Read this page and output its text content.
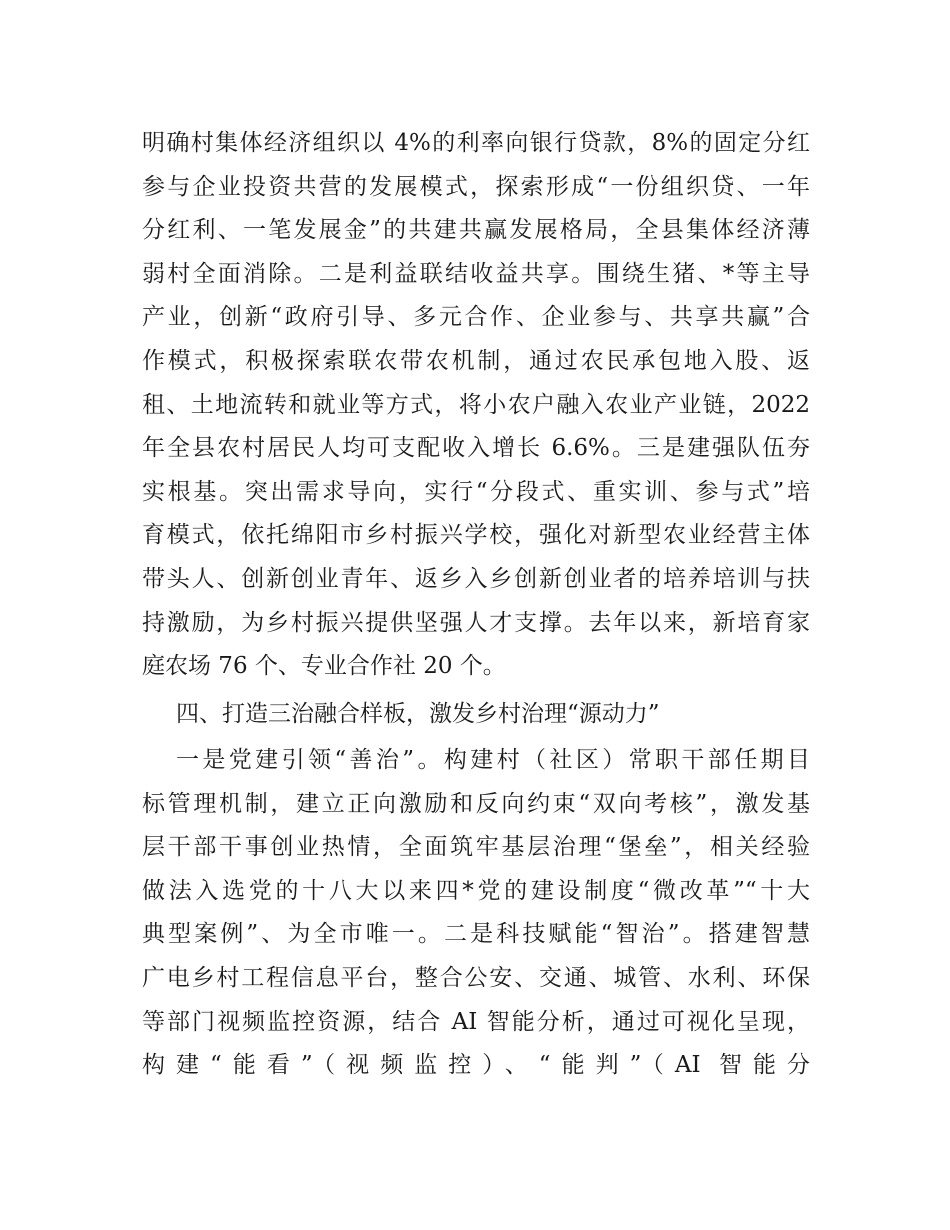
明确村集体经济组织以 4%的利率向银行贷款，8%的固定分红
参与企业投资共营的发展模式，探索形成“一份组织贷、一年
分红利、一笔发展金”的共建共赢发展格局，全县集体经济薄
弱村全面消除。二是利益联结收益共享。围绕生猪、*等主导
产业，创新“政府引导、多元合作、企业参与、共享共赢”合
作模式，积极探索联农带农机制，通过农民承包地入股、返
租、土地流转和就业等方式，将小农户融入农业产业链，2022
年全县农村居民人均可支配收入增长 6.6%。三是建强队伍夯
实根基。突出需求导向，实行“分段式、重实训、参与式”培
育模式，依托绵阳市乡村振兴学校，强化对新型农业经营主体
带头人、创新创业青年、返乡入乡创新创业者的培养培训与扶
持激励，为乡村振兴提供坚强人才支撑。去年以来，新培育家
庭农场 76 个、专业合作社 20 个。
四、打造三治融合样板，激发乡村治理“源动力”
一是党建引领“善治”。构建村（社区）常职干部任期目
标管理机制，建立正向激励和反向约束“双向考核”，激发基
层干部干事创业热情，全面筑牢基层治理“堡垒”，相关经验
做法入选党的十八大以来四*党的建设制度“微改革”“十大
典型案例”、为全市唯一。二是科技赋能“智治”。搭建智慧
广电乡村工程信息平台，整合公安、交通、城管、水利、环保
等部门视频监控资源，结合 AI 智能分析，通过可视化呈现，
构建“能看”（视频监控）、“能判”（AI 智能分
